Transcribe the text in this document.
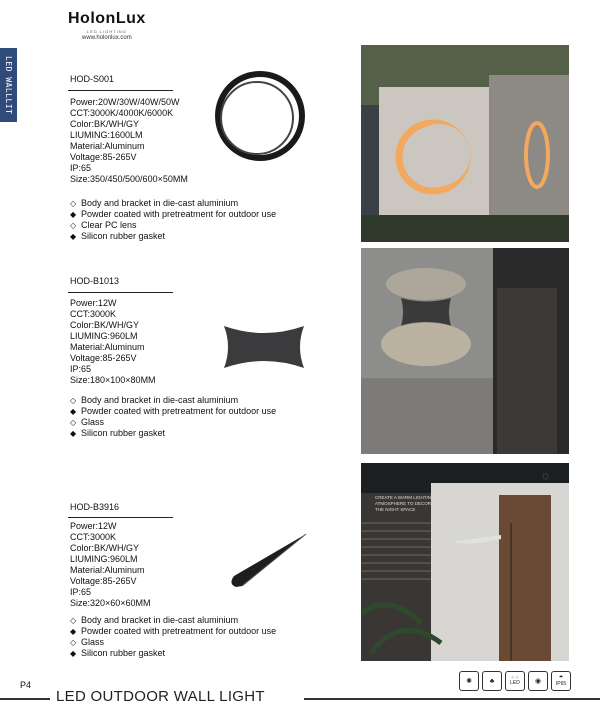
HolonLux
LED LIGHTING
www.holonlux.com
LED WALLLIT	HOD-S001
Power:20W/30W/40W/50W
CCT:3000K/4000K/6000K
Color:BK/WH/GY
LIUMING:1600LM
Material:Aluminum
Voltage:85-265V
IP:65
Size:350/450/500/600×50MM
◇ Body and bracket in die-cast aluminium
◆ Powder coated with pretreatment for outdoor use
◇ Clear PC lens
◆ Silicon rubber gasket
HOD-B1013
Power:12W
CCT:3000K
Color:BK/WH/GY
LIUMING:960LM
Material:Aluminum
Voltage:85-265V
IP:65
Size:180×100×80MM
◇ Body and bracket in die-cast aluminium
◆ Powder coated with pretreatment for outdoor use
◇ Glass
◆ Silicon rubber gasket
HOD-B3916
Power:12W
CCT:3000K
Color:BK/WH/GY
LIUMING:960LM
Material:Aluminum
Voltage:85-265V
IP:65
Size:320×60×60MM
◇ Body and bracket in die-cast aluminium
◆ Powder coated with pretreatment for outdoor use
◇ Glass
◆ Silicon rubber gasket
CREATE A WARM LIGHTING
ATMOSPHERE TO DECORATE
THE NIGHT SPACE
☼
P4
LED OUTDOOR WALL LIGHT
✺	♣	⁘⁘
LED	◉	☂
IP65
